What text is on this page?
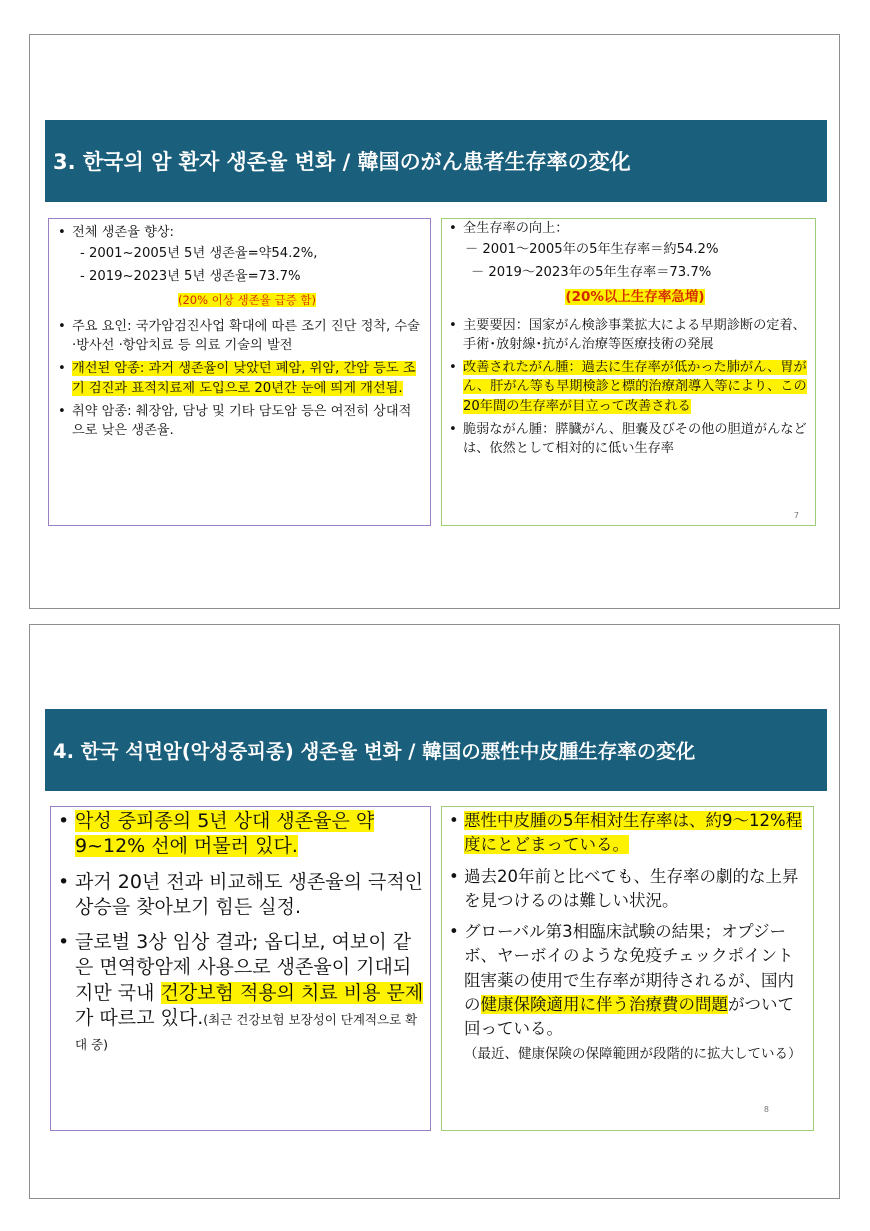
3. 한국의 암 환자 생존율 변화 / 韓国のがん患者生存率の変化
• 전체 생존율 향상:
- 2001~2005년 5년 생존율=약54.2%,
- 2019~2023년 5년 생존율=73.7%
(20% 이상 생존율 급증 함)
• 주요 요인: 국가암검진사업 확대에 따른 조기 진단 정착, 수술 ·방사선 ·항암치료 등 의료 기술의 발전
• 개선된 암종: 과거 생존율이 낮았던 폐암, 위암, 간암 등도 조기 검진과 표적치료제 도입으로 20년간 눈에 띄게 개선됨.
• 취약 암종: 췌장암, 담낭 및 기타 담도암 등은 여전히 상대적으로 낮은 생존율.
• 全生存率の向上：
－ 2001～2005年の5年生存率＝約54.2%
－ 2019～2023年の5年生存率＝73.7%
(20%以上生存率急増)
• 主要要因：国家がん検診事業拡大による早期診断の定着、手術･放射線･抗がん治療等医療技術の発展
• 改善されたがん腫：過去に生存率が低かった肺がん、胃がん、肝がん等も早期検診と標的治療剤導入等により、この20年間の生存率が目立って改善される
• 脆弱ながん腫：膵臓がん、胆嚢及びその他の胆道がんなどは、依然として相対的に低い生存率
7
4. 한국 석면암(악성중피종) 생존율 변화 / 韓国の悪性中皮腫生存率の変化
• 악성 중피종의 5년 상대 생존율은 약 9~12% 선에 머물러 있다.
• 과거 20년 전과 비교해도 생존율의 극적인 상승을 찾아보기 힘든 실정.
• 글로벌 3상 임상 결과; 옵디보, 여보이 같은 면역항암제 사용으로 생존율이 기대되지만 국내 건강보험 적용의 치료 비용 문제가 따르고 있다.(최근 건강보험 보장성이 단계적으로 확대 중)
• 悪性中皮腫の5年相対生存率は、約9～12%程度にとどまっている。
• 過去20年前と比べても、生存率の劇的な上昇を見つけるのは難しい状況。
• グローバル第3相臨床試験の結果；オプジーボ、ヤーボイのような免疫チェックポイント阻害薬の使用で生存率が期待されるが、国内の健康保険適用に伴う治療費の問題がついて回っている。
（最近、健康保険の保障範囲が段階的に拡大している）
8
